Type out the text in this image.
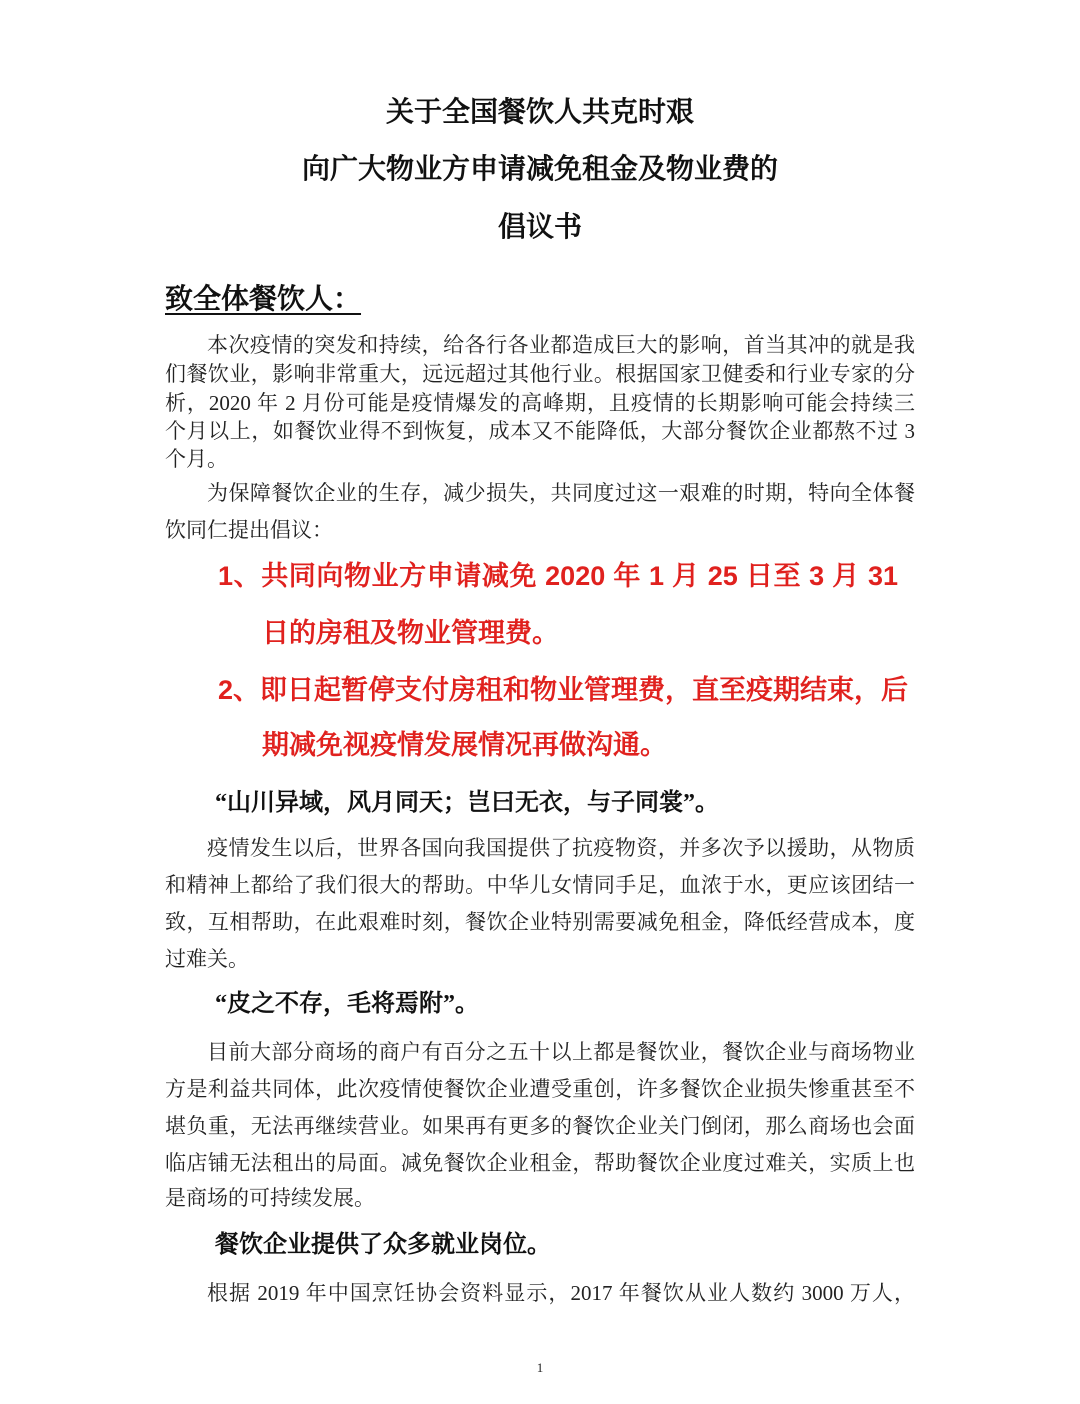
关于全国餐饮人共克时艰
向广大物业方申请减免租金及物业费的
倡议书
致全体餐饮人：
本次疫情的突发和持续，给各行各业都造成巨大的影响，首当其冲的就是我
们餐饮业，影响非常重大，远远超过其他行业。根据国家卫健委和行业专家的分
析，2020 年 2 月份可能是疫情爆发的高峰期，且疫情的长期影响可能会持续三
个月以上，如餐饮业得不到恢复，成本又不能降低，大部分餐饮企业都熬不过 3
个月。
为保障餐饮企业的生存，减少损失，共同度过这一艰难的时期，特向全体餐
饮同仁提出倡议：
1、共同向物业方申请减免 2020 年 1 月 25 日至 3 月 31
日的房租及物业管理费。
2、即日起暂停支付房租和物业管理费，直至疫期结束，后
期减免视疫情发展情况再做沟通。
“山川异域，风月同天；岂曰无衣，与子同裳”。
疫情发生以后，世界各国向我国提供了抗疫物资，并多次予以援助，从物质
和精神上都给了我们很大的帮助。中华儿女情同手足，血浓于水，更应该团结一
致，互相帮助，在此艰难时刻，餐饮企业特别需要减免租金，降低经营成本，度
过难关。
“皮之不存，毛将焉附”。
目前大部分商场的商户有百分之五十以上都是餐饮业，餐饮企业与商场物业
方是利益共同体，此次疫情使餐饮企业遭受重创，许多餐饮企业损失惨重甚至不
堪负重，无法再继续营业。如果再有更多的餐饮企业关门倒闭，那么商场也会面
临店铺无法租出的局面。减免餐饮企业租金，帮助餐饮企业度过难关，实质上也
是商场的可持续发展。
餐饮企业提供了众多就业岗位。
根据 2019 年中国烹饪协会资料显示，2017 年餐饮从业人数约 3000 万人，
1
